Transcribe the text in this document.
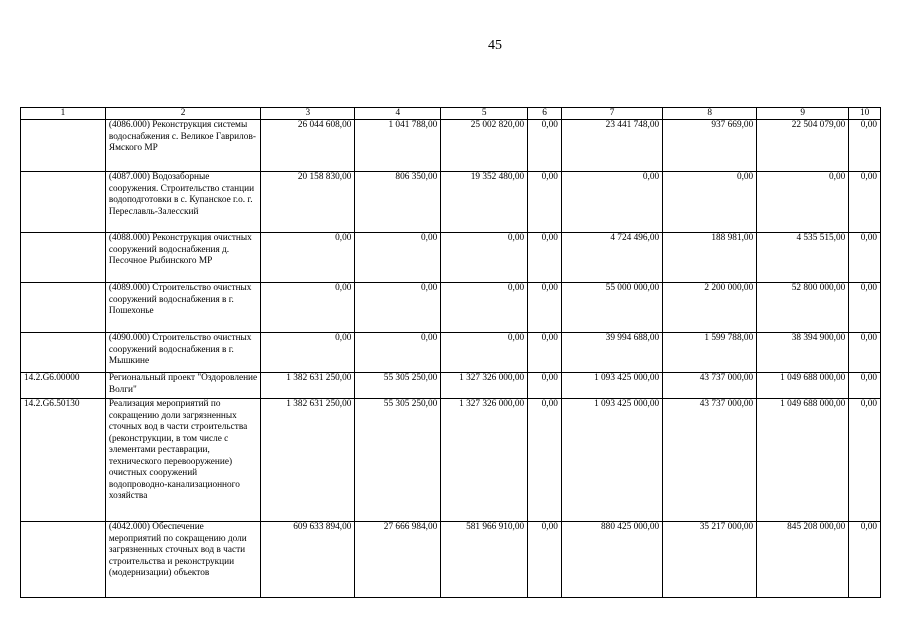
45
1	2	3	4	5	6	7	8	9	10
	(4086.000) Реконструкция системы водоснабжения с. Великое Гаврилов-Ямского МР	26 044 608,00	1 041 788,00	25 002 820,00	0,00	23 441 748,00	937 669,00	22 504 079,00	0,00
	(4087.000) Водозаборные сооружения. Строительство станции водоподготовки в с. Купанское г.о. г. Переславль-Залесский	20 158 830,00	806 350,00	19 352 480,00	0,00	0,00	0,00	0,00	0,00
	(4088.000) Реконструкция очистных сооружений водоснабжения д. Песочное Рыбинского МР	0,00	0,00	0,00	0,00	4 724 496,00	188 981,00	4 535 515,00	0,00
	(4089.000) Строительство очистных сооружений водоснабжения в г. Пошехонье	0,00	0,00	0,00	0,00	55 000 000,00	2 200 000,00	52 800 000,00	0,00
	(4090.000) Строительство очистных сооружений водоснабжения в г. Мышкине	0,00	0,00	0,00	0,00	39 994 688,00	1 599 788,00	38 394 900,00	0,00
14.2.G6.00000	Региональный проект "Оздоровление Волги"	1 382 631 250,00	55 305 250,00	1 327 326 000,00	0,00	1 093 425 000,00	43 737 000,00	1 049 688 000,00	0,00
14.2.G6.50130	Реализация мероприятий по сокращению доли загрязненных сточных вод в части строительства (реконструкции, в том числе с элементами реставрации, технического перевооружение) очистных сооружений водопроводно-канализационного хозяйства	1 382 631 250,00	55 305 250,00	1 327 326 000,00	0,00	1 093 425 000,00	43 737 000,00	1 049 688 000,00	0,00
	(4042.000) Обеспечение мероприятий по сокращению доли загрязненных сточных вод в части строительства и реконструкции (модернизации) объектов	609 633 894,00	27 666 984,00	581 966 910,00	0,00	880 425 000,00	35 217 000,00	845 208 000,00	0,00
